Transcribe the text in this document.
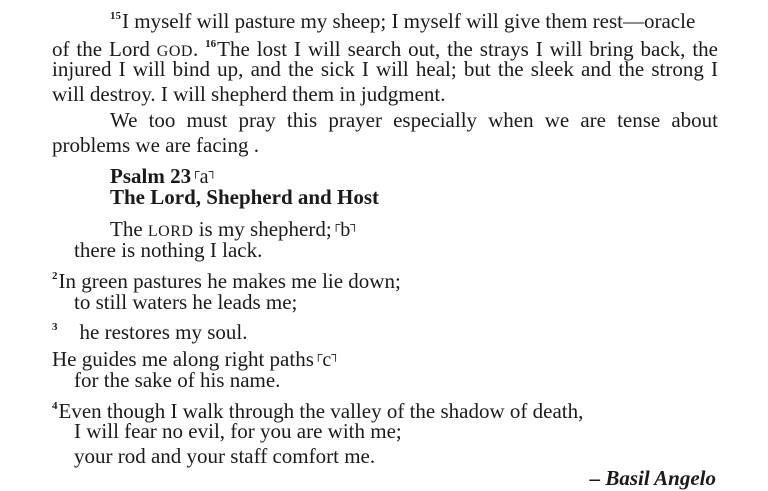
$^{15}$I myself will pasture my sheep; I myself will give them rest—oracle
of the Lord GOD. $^{16}$The lost I will search out, the strays I will bring back, the
injured I will bind up, and the sick I will heal; but the sleek and the strong I
will destroy. I will shepherd them in judgment.
We too must pray this prayer especially when we are tense about
problems we are facing .
Psalm 23 ┌ a ┐
The Lord, Shepherd and Host
The LORD is my shepherd; ┌ b ┐
there is nothing I lack.
$^2$In green pastures he makes me lie down;
to still waters he leads me;
$^3$ he restores my soul.
He guides me along right paths ┌ c ┐
for the sake of his name.
$^4$Even though I walk through the valley of the shadow of death,
I will fear no evil, for you are with me;
your rod and your staff comfort me.
– Basil Angelo
